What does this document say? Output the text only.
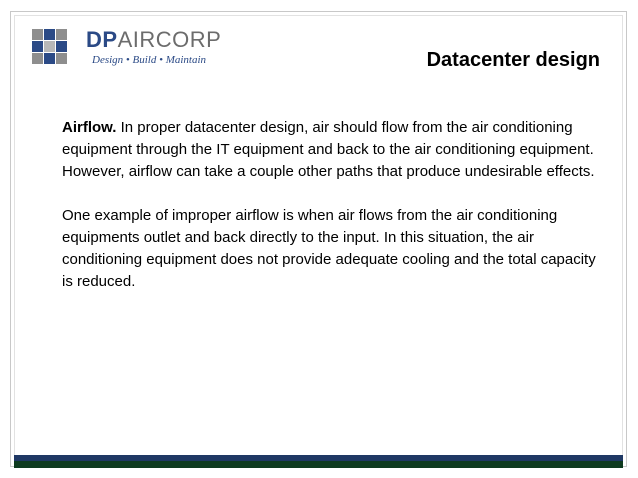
DPAIRCORP
Design • Build • Maintain	Datacenter design

Airflow. In proper datacenter design, air should flow from the air conditioning equipment through the IT equipment and back to the air conditioning equipment. However, airflow can take a couple other paths that produce undesirable effects.

One example of improper airflow is when air flows from the air conditioning equipments outlet and back directly to the input. In this situation, the air conditioning equipment does not provide adequate cooling and the total capacity is reduced.
